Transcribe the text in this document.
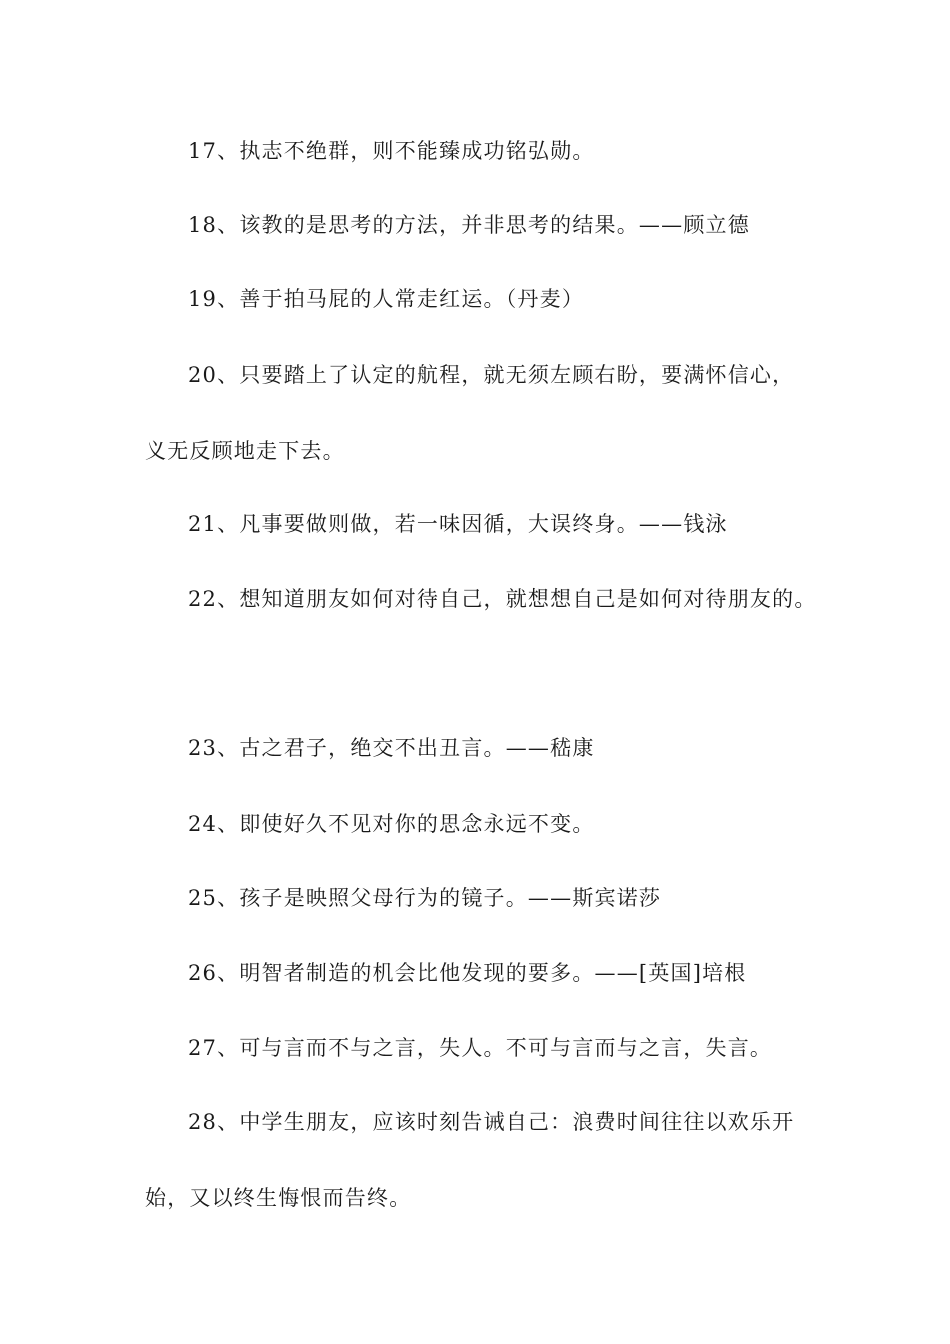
17、执志不绝群，则不能臻成功铭弘勋。
18、该教的是思考的方法，并非思考的结果。——顾立德
19、善于拍马屁的人常走红运。（丹麦）
20、只要踏上了认定的航程，就无须左顾右盼，要满怀信心，
义无反顾地走下去。
21、凡事要做则做，若一味因循，大误终身。——钱泳
22、想知道朋友如何对待自己，就想想自己是如何对待朋友的。
23、古之君子，绝交不出丑言。——嵇康
24、即使好久不见对你的思念永远不变。
25、孩子是映照父母行为的镜子。——斯宾诺莎
26、明智者制造的机会比他发现的要多。——[英国]培根
27、可与言而不与之言，失人。不可与言而与之言，失言。
28、中学生朋友，应该时刻告诫自己：浪费时间往往以欢乐开
始，又以终生悔恨而告终。
